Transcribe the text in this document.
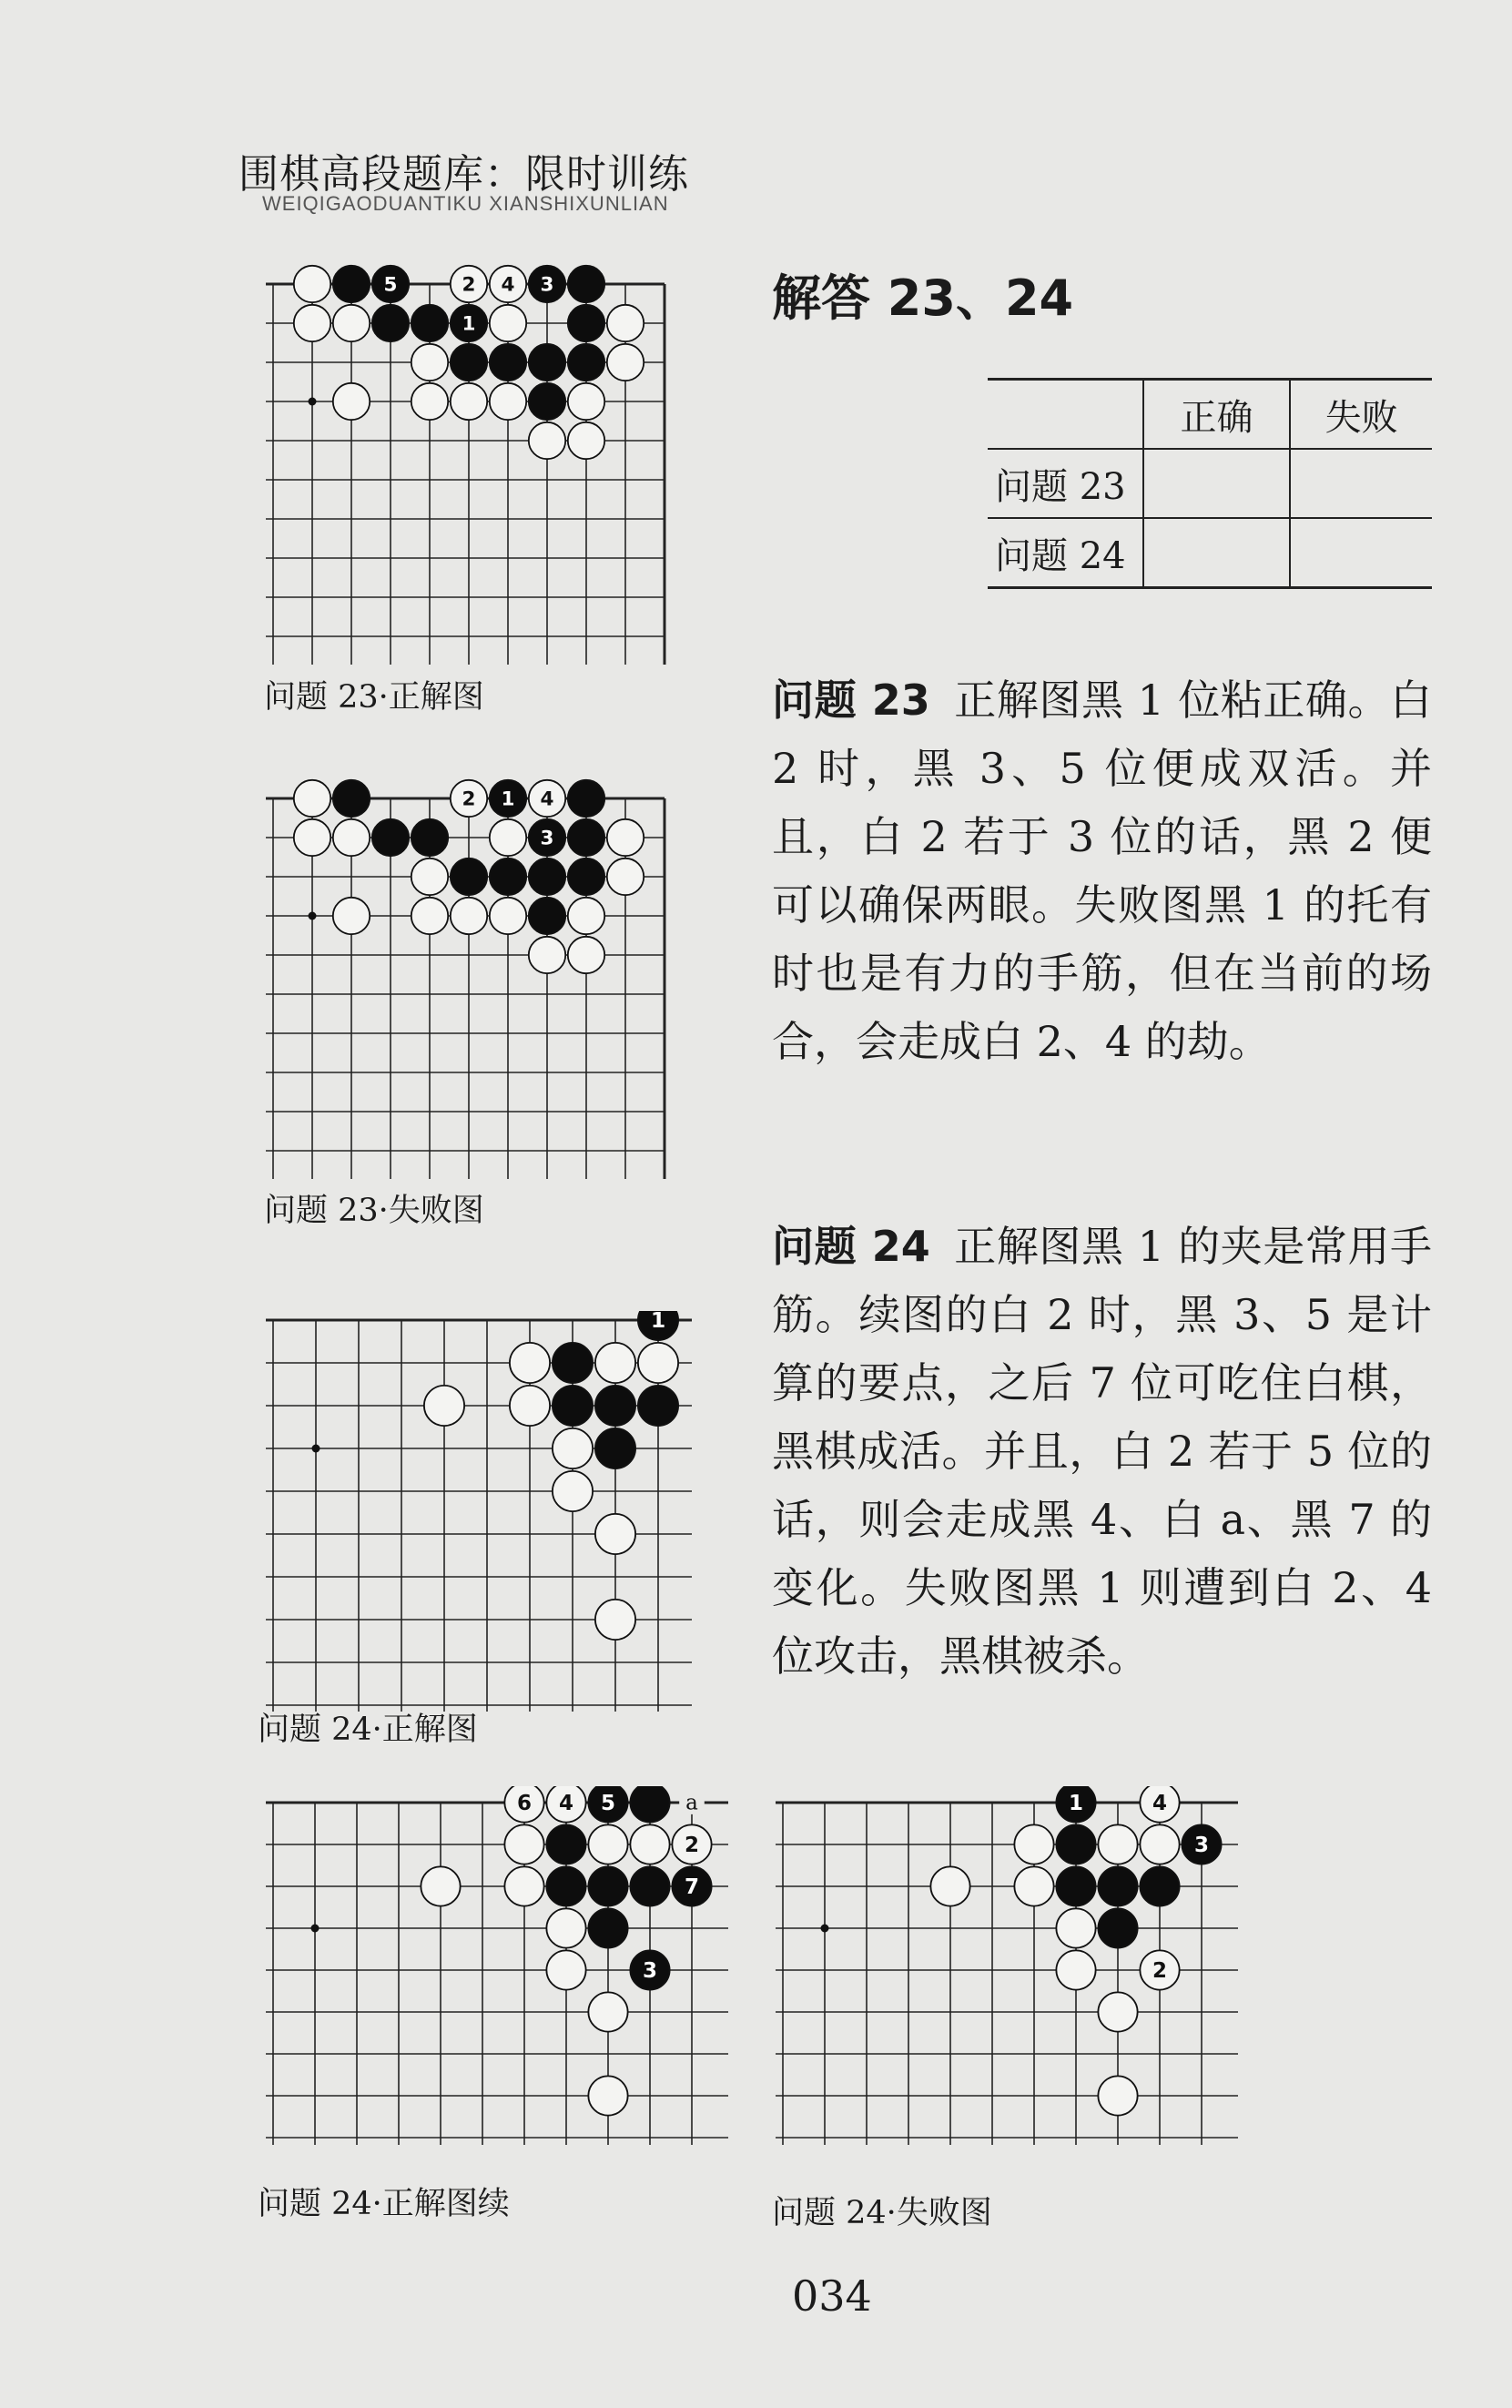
围棋高段题库：限时训练
WEIQIGAODUANTIKU XIANSHIXUNLIAN
解答 23、24
	正确	失败
问题 23		
问题 24		
问题 23 正解图黑 1 位粘正确。白 2 时，黑 3、5 位便成双活。并且，白 2 若于 3 位的话，黑 2 便可以确保两眼。失败图黑 1 的托有时也是有力的手筋，但在当前的场合，会走成白 2、4 的劫。
问题 24 正解图黑 1 的夹是常用手筋。续图的白 2 时，黑 3、5 是计算的要点，之后 7 位可吃住白棋，黑棋成活。并且，白 2 若于 5 位的话，则会走成黑 4、白 a、黑 7 的变化。失败图黑 1 则遭到白 2、4 位攻击，黑棋被杀。
5	2 4 3
1
问题 23·正解图
2 1 4
3
问题 23·失败图
1
问题 24·正解图
6 4 5
2
7
3
a
问题 24·正解图续
1	4
3
2
问题 24·失败图
034
